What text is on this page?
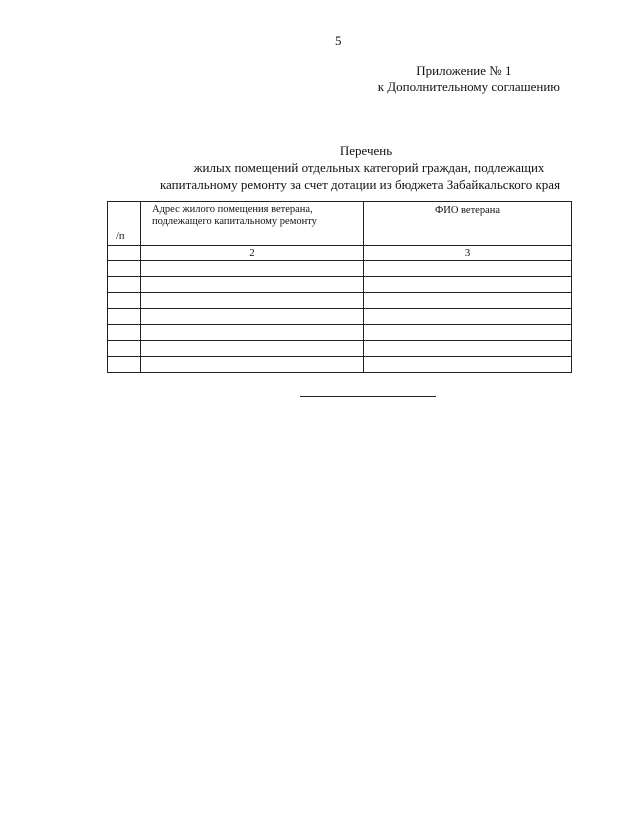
5
Приложение № 1
к Дополнительному соглашению
Перечень
жилых помещений отдельных категорий граждан, подлежащих
капитальному ремонту за счет дотации из бюджета Забайкальского края
/п	Адрес жилого помещения ветерана, подлежащего капитальному ремонту	ФИО ветерана
	2	3
